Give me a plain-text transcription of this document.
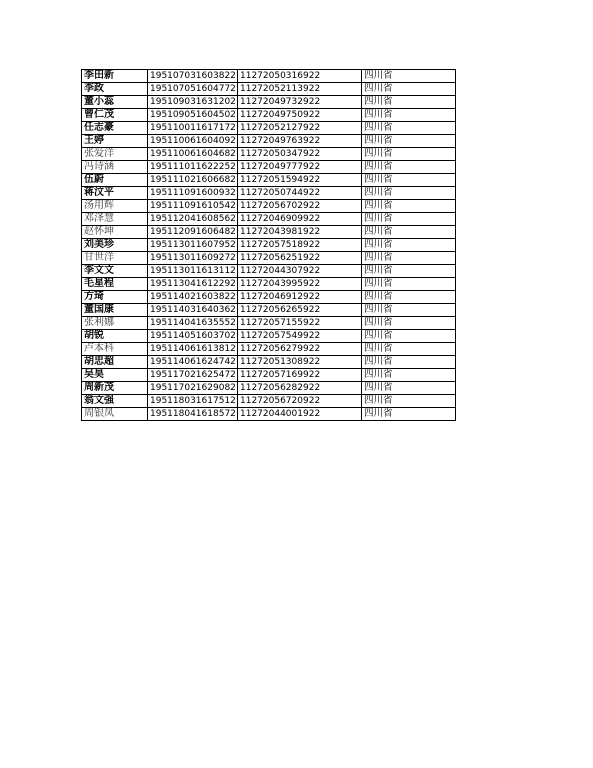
李田新	195107031603822	11272050316922	四川省
李政	195107051604772	11272052113922	四川省
董小蕊	195109031631202	11272049732922	四川省
曾仁茂	195109051604502	11272049750922	四川省
任志豪	195110011617172	11272052127922	四川省
王婷	195110061604092	11272049763922	四川省
张爱洋	195110061604682	11272050347922	四川省
冯诗涵	195111011622252	11272049777922	四川省
伍蔚	195111021606682	11272051594922	四川省
蒋汶平	195111091600932	11272050744922	四川省
汤用辉	195111091610542	11272056702922	四川省
邓泽慧	195112041608562	11272046909922	四川省
赵怀坤	195112091606482	11272043981922	四川省
刘美珍	195113011607952	11272057518922	四川省
甘世洋	195113011609272	11272056251922	四川省
李文文	195113011613112	11272044307922	四川省
毛星程	195113041612292	11272043995922	四川省
方琦	195114021603822	11272046912922	四川省
董国康	195114031640362	11272056265922	四川省
张利娜	195114041635552	11272057155922	四川省
胡锐	195114051603702	11272057549922	四川省
卢本科	195114061613812	11272056279922	四川省
胡忠超	195114061624742	11272051308922	四川省
吴昊	195117021625472	11272057169922	四川省
周新茂	195117021629082	11272056282922	四川省
翁文强	195118031617512	11272056720922	四川省
周银凤	195118041618572	11272044001922	四川省
